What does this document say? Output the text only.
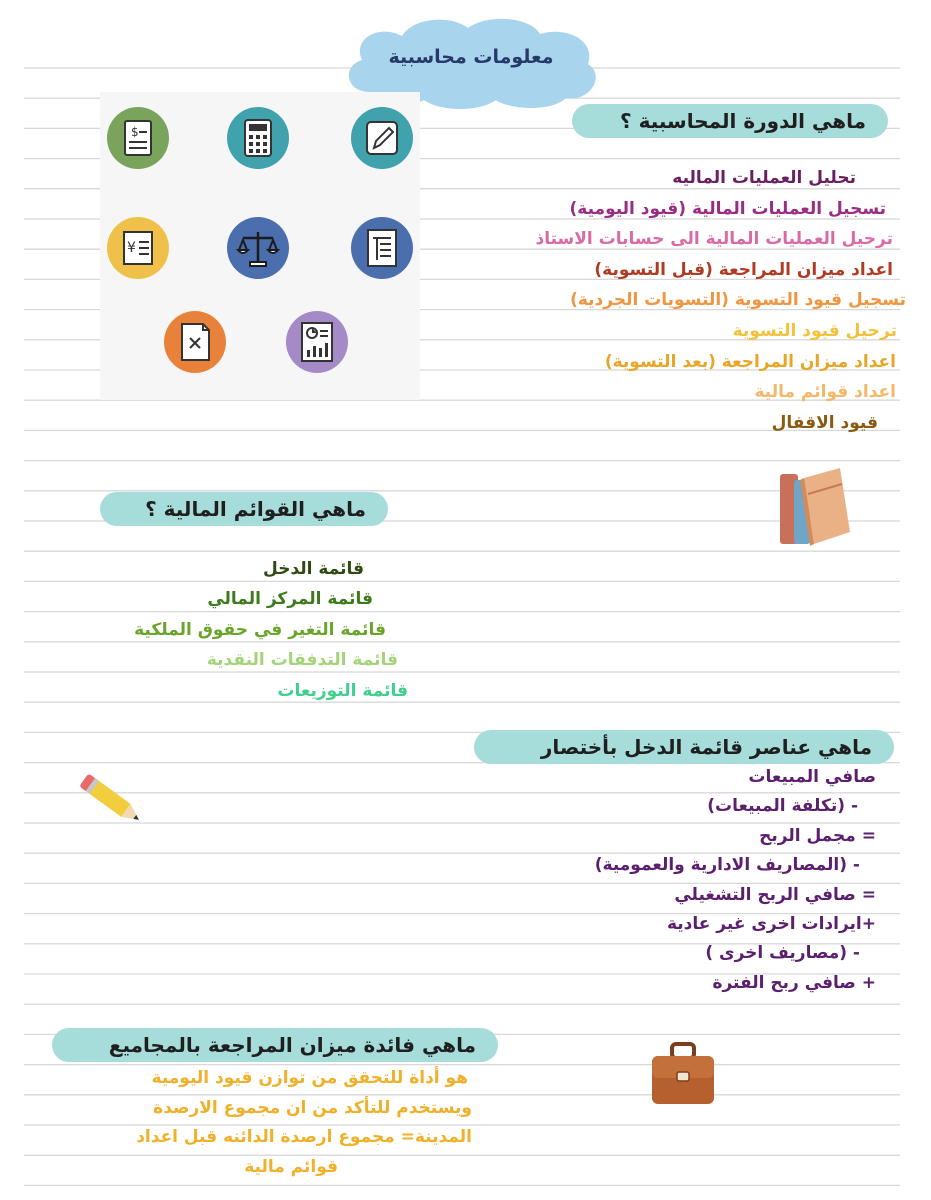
معلومات محاسبية
$
¥
ماهي الدورة المحاسبية ؟
تحليل العمليات الماليه
تسجيل العمليات المالية (قيود اليومية)
ترحيل العمليات المالية الى حسابات الاستاذ
اعداد ميزان المراجعة (قبل التسوية)
تسجيل قيود التسوية (التسويات الجردية)
ترحيل قيود التسوية
اعداد ميزان المراجعة (بعد التسوية)
اعداد قوائم مالية
قيود الاقفال
ماهي القوائم المالية ؟
قائمة الدخل
قائمة المركز المالي
قائمة التغير في حقوق الملكية
قائمة التدفقات النقدية
قائمة التوزيعات
ماهي عناصر قائمة الدخل بأختصار
صافي المبيعات
- (تكلفة المبيعات)
= مجمل الربح
- (المصاريف الادارية والعمومية)
= صافي الربح التشغيلي
+ايرادات اخرى غير عادية
- (مصاريف اخرى )
+ صافي ربح الفترة
ماهي فائدة ميزان المراجعة بالمجاميع
هو أداة للتحقق من توازن قيود اليومية
ويستخدم للتأكد من ان مجموع الارصدة
المدينة= مجموع ارصدة الدائنه قبل اعداد
قوائم مالية
